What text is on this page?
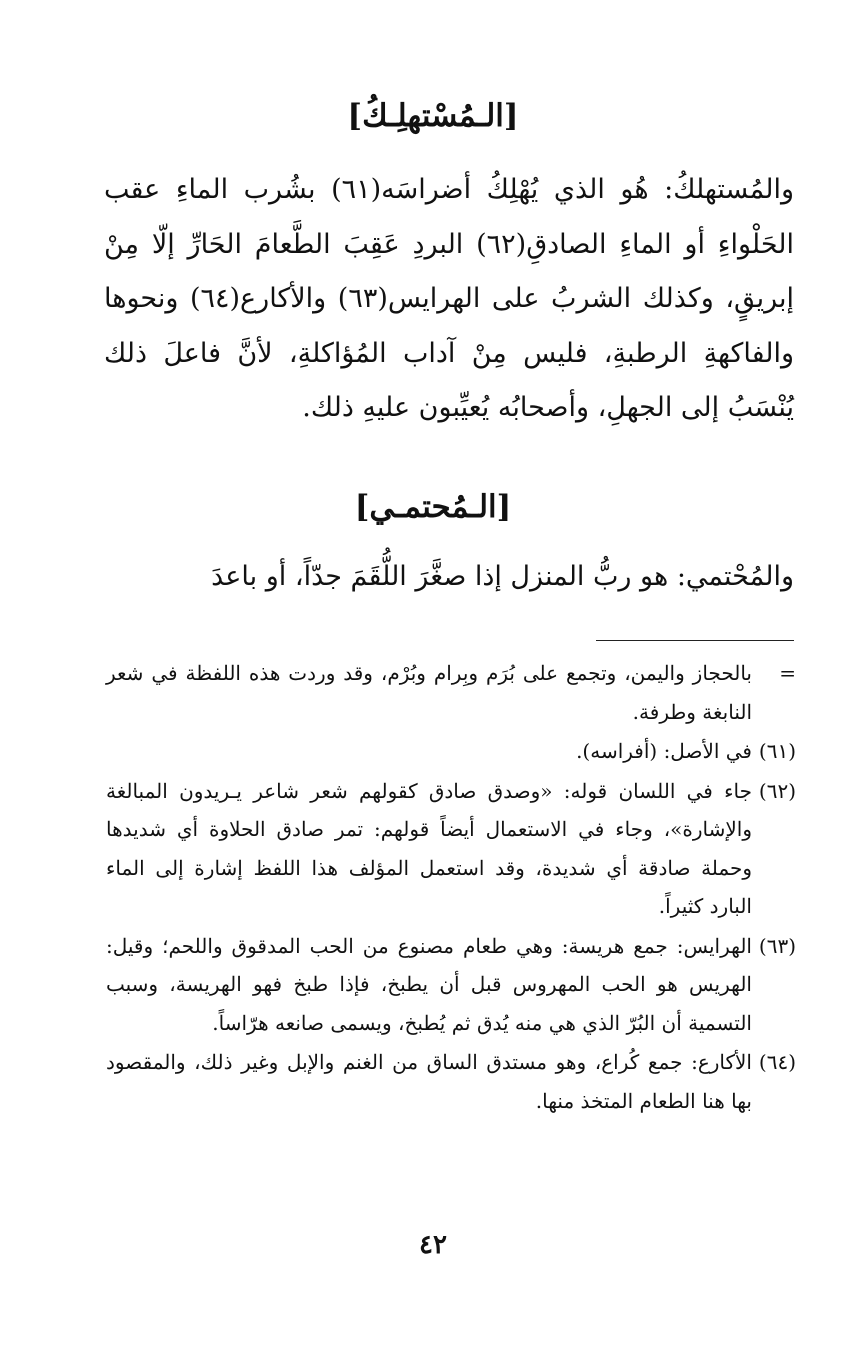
[الـمُسْتهلِـكُ]

والمُستهلكُ: هُو الذي يُهْلِكُ أضراسَه(٦١) بشُرب الماءِ عقب الحَلْواءِ أو الماءِ الصادقِ(٦٢) البردِ عَقِبَ الطَّعامَ الحَارِّ إلّا مِنْ إبريقٍ، وكذلك الشربُ على الهرايس(٦٣) والأكارع(٦٤) ونحوها والفاكهةِ الرطبةِ، فليس مِنْ آداب المُؤاكلةِ، لأنَّ فاعلَ ذلك يُنْسَبُ إلى الجهلِ، وأصحابُه يُعيِّبون عليهِ ذلك.

[الـمُحتمـي]

والمُحْتمي: هو ربُّ المنزل إذا صغَّرَ اللُّقَمَ جدّاً، أو باعدَ

=
بالحجاز واليمن، وتجمع على بُرَم وبِرام وبُرْم، وقد وردت هذه اللفظة في شعر النابغة وطرفة.
(٦١)
في الأصل: (أفراسه).
(٦٢)
جاء في اللسان قوله: «وصدق صادق كقولهم شعر شاعر يـريدون المبالغة والإشارة»، وجاء في الاستعمال أيضاً قولهم: تمر صادق الحلاوة أي شديدها وحملة صادقة أي شديدة، وقد استعمل المؤلف هذا اللفظ إشارة إلى الماء البارد كثيراً.
(٦٣)
الهرايس: جمع هريسة: وهي طعام مصنوع من الحب المدقوق واللحم؛ وقيل: الهريس هو الحب المهروس قبل أن يطبخ، فإذا طبخ فهو الهريسة، وسبب التسمية أن البُرّ الذي هي منه يُدق ثم يُطبخ، ويسمى صانعه هرّاساً.
(٦٤)
الأكارع: جمع كُراع، وهو مستدق الساق من الغنم والإبل وغير ذلك، والمقصود بها هنا الطعام المتخذ منها.
٤٢
